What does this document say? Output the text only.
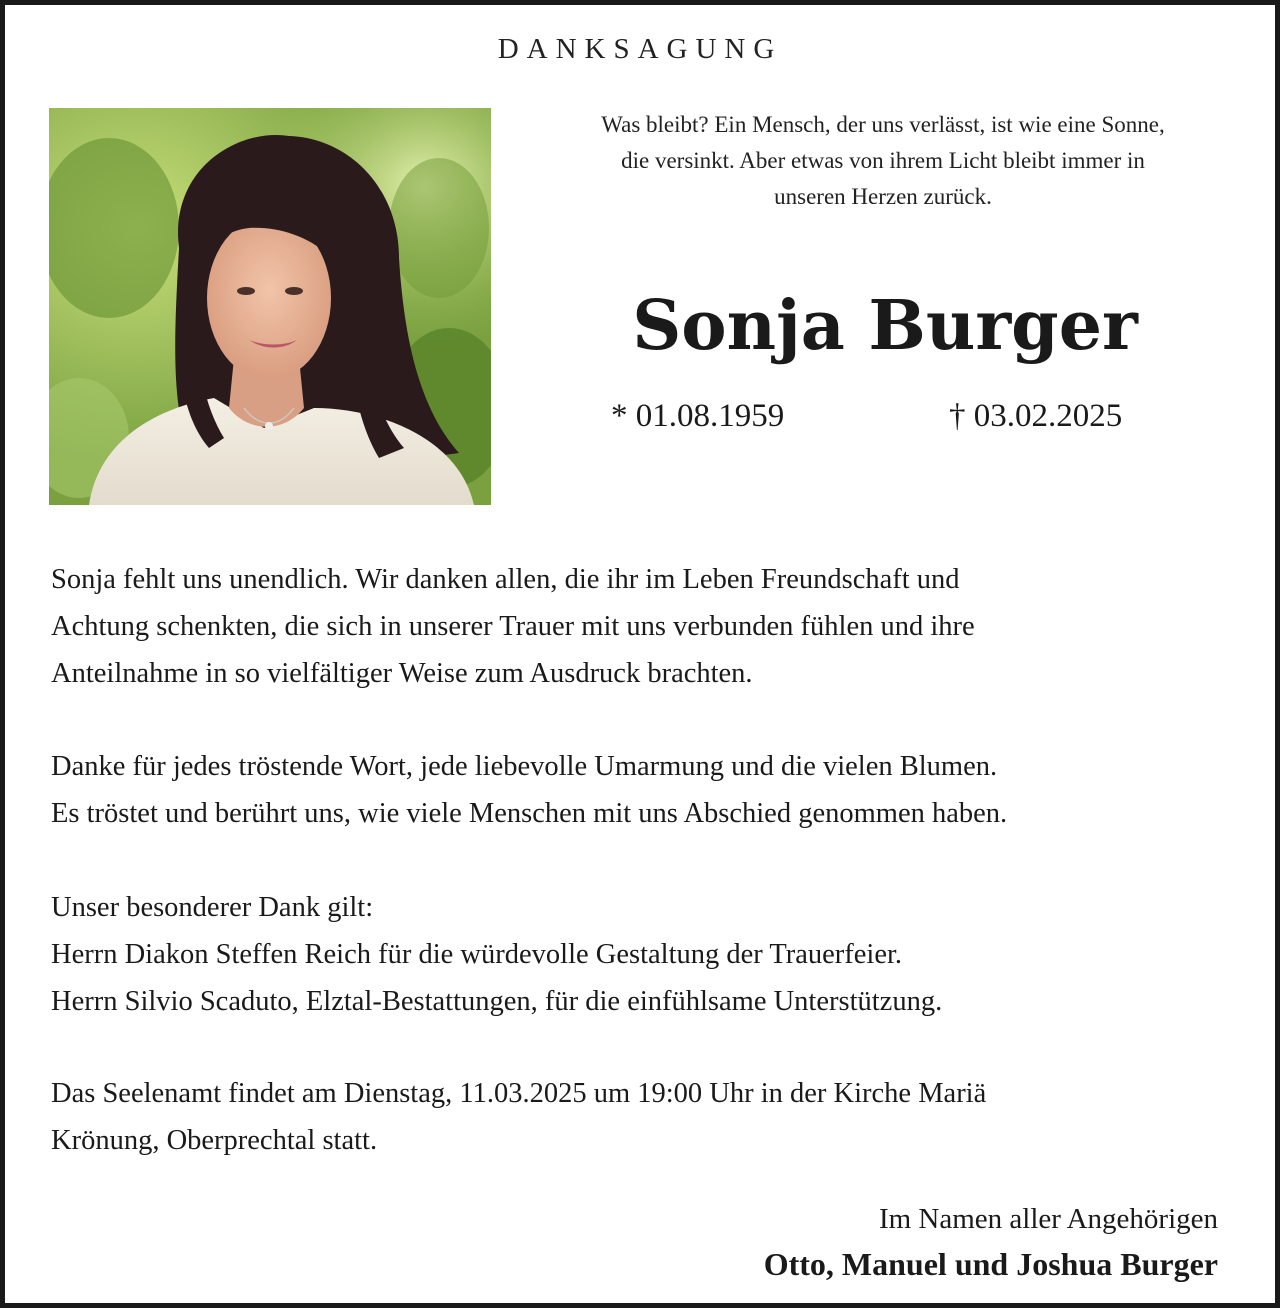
DANKSAGUNG
Was bleibt? Ein Mensch, der uns verlässt, ist wie eine Sonne,
die versinkt. Aber etwas von ihrem Licht bleibt immer in
unseren Herzen zurück.
Sonja Burger
* 01.08.1959	† 03.02.2025
Sonja fehlt uns unendlich. Wir danken allen, die ihr im Leben Freundschaft und
Achtung schenkten, die sich in unserer Trauer mit uns verbunden fühlen und ihre
Anteilnahme in so vielfältiger Weise zum Ausdruck brachten.
Danke für jedes tröstende Wort, jede liebevolle Umarmung und die vielen Blumen.
Es tröstet und berührt uns, wie viele Menschen mit uns Abschied genommen haben.
Unser besonderer Dank gilt:
Herrn Diakon Steffen Reich für die würdevolle Gestaltung der Trauerfeier.
Herrn Silvio Scaduto, Elztal-Bestattungen, für die einfühlsame Unterstützung.
Das Seelenamt findet am Dienstag, 11.03.2025 um 19:00 Uhr in der Kirche Mariä
Krönung, Oberprechtal statt.
Im Namen aller Angehörigen
Otto, Manuel und Joshua Burger
